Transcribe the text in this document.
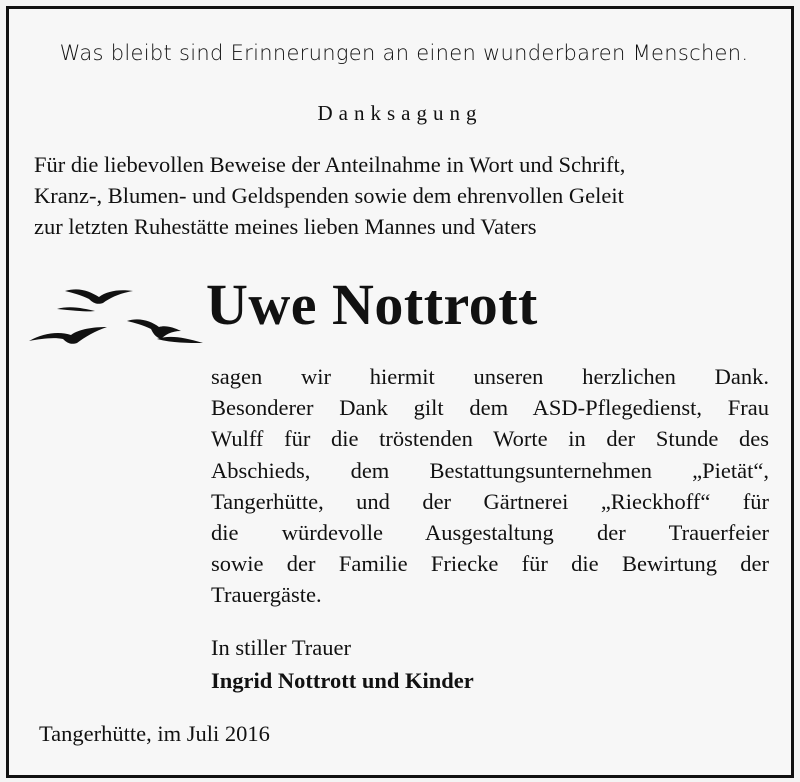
Was bleibt sind Erinnerungen an einen wunderbaren Menschen.
Danksagung
Für die liebevollen Beweise der Anteilnahme in Wort und Schrift,
Kranz-, Blumen- und Geldspenden sowie dem ehrenvollen Geleit
zur letzten Ruhestätte meines lieben Mannes und Vaters
Uwe Nottrott
sagen wir hiermit unseren herzlichen Dank.
Besonderer Dank gilt dem ASD-Pflegedienst, Frau
Wulff für die tröstenden Worte in der Stunde des
Abschieds, dem Bestattungsunternehmen „Pietät“,
Tangerhütte, und der Gärtnerei „Rieckhoff“ für
die würdevolle Ausgestaltung der Trauerfeier
sowie der Familie Friecke für die Bewirtung der
Trauergäste.
In stiller Trauer
Ingrid Nottrott und Kinder
Tangerhütte, im Juli 2016
